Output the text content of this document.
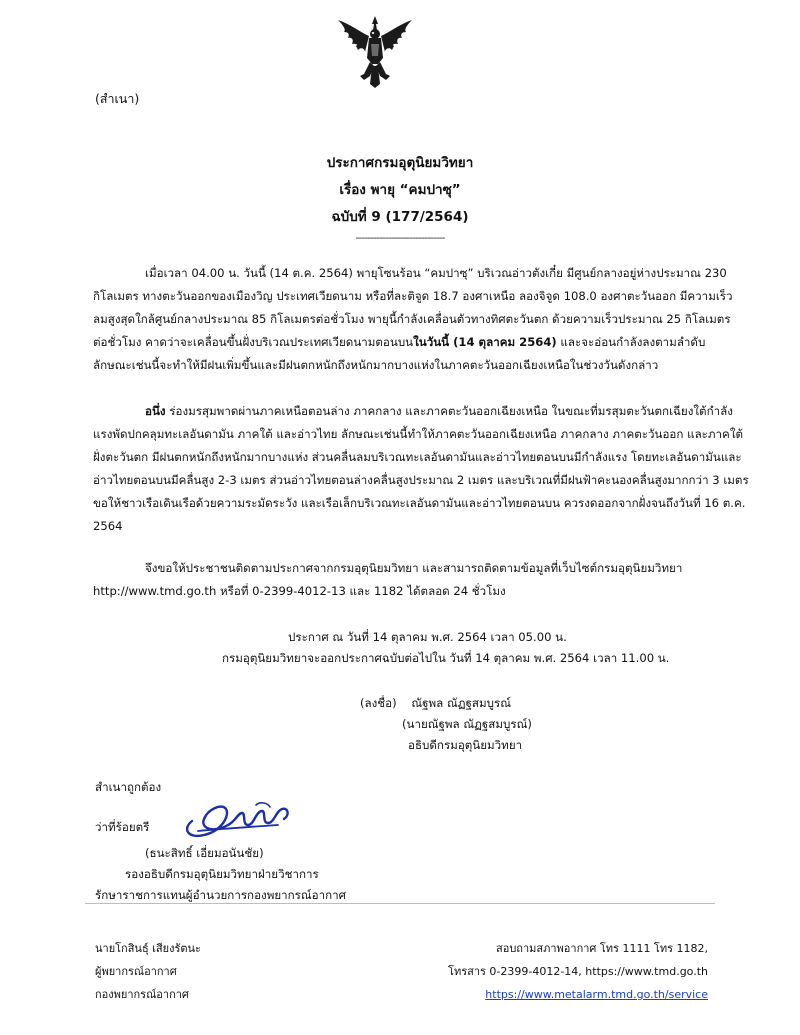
(สำเนา)
ประกาศกรมอุตุนิยมวิทยา
เรื่อง พายุ “คมปาซุ”
ฉบับที่ 9 (177/2564)
------------------------------
เมื่อเวลา 04.00 น. วันนี้ (14 ต.ค. 2564) พายุโซนร้อน “คมปาซุ” บริเวณอ่าวตังเกี๋ย มีศูนย์กลางอยู่ห่างประมาณ 230
กิโลเมตร ทางตะวันออกของเมืองวิญ ประเทศเวียดนาม หรือที่ละติจูด 18.7 องศาเหนือ ลองจิจูด 108.0 องศาตะวันออก มีความเร็ว
ลมสูงสุดใกล้ศูนย์กลางประมาณ 85 กิโลเมตรต่อชั่วโมง พายุนี้กำลังเคลื่อนตัวทางทิศตะวันตก ด้วยความเร็วประมาณ 25 กิโลเมตร
ต่อชั่วโมง คาดว่าจะเคลื่อนขึ้นฝั่งบริเวณประเทศเวียดนามตอนบนในวันนี้ (14 ตุลาคม 2564) และจะอ่อนกำลังลงตามลำดับ
ลักษณะเช่นนี้จะทำให้มีฝนเพิ่มขึ้นและมีฝนตกหนักถึงหนักมากบางแห่งในภาคตะวันออกเฉียงเหนือในช่วงวันดังกล่าว
อนึ่ง ร่องมรสุมพาดผ่านภาคเหนือตอนล่าง ภาคกลาง และภาคตะวันออกเฉียงเหนือ ในขณะที่มรสุมตะวันตกเฉียงใต้กำลัง
แรงพัดปกคลุมทะเลอันดามัน ภาคใต้ และอ่าวไทย ลักษณะเช่นนี้ทำให้ภาคตะวันออกเฉียงเหนือ ภาคกลาง ภาคตะวันออก และภาคใต้
ฝั่งตะวันตก มีฝนตกหนักถึงหนักมากบางแห่ง ส่วนคลื่นลมบริเวณทะเลอันดามันและอ่าวไทยตอนบนมีกำลังแรง โดยทะเลอันดามันและ
อ่าวไทยตอนบนมีคลื่นสูง 2-3 เมตร ส่วนอ่าวไทยตอนล่างคลื่นสูงประมาณ 2 เมตร และบริเวณที่มีฝนฟ้าคะนองคลื่นสูงมากกว่า 3 เมตร
ขอให้ชาวเรือเดินเรือด้วยความระมัดระวัง และเรือเล็กบริเวณทะเลอันดามันและอ่าวไทยตอนบน ควรงดออกจากฝั่งจนถึงวันที่ 16 ต.ค.
2564
จึงขอให้ประชาชนติดตามประกาศจากกรมอุตุนิยมวิทยา และสามารถติดตามข้อมูลที่เว็บไซต์กรมอุตุนิยมวิทยา
http://www.tmd.go.th หรือที่ 0-2399-4012-13 และ 1182 ได้ตลอด 24 ชั่วโมง
ประกาศ ณ วันที่ 14 ตุลาคม พ.ศ. 2564 เวลา 05.00 น.
กรมอุตุนิยมวิทยาจะออกประกาศฉบับต่อไปใน วันที่ 14 ตุลาคม พ.ศ. 2564 เวลา 11.00 น.
(ลงชื่อ)    ณัฐพล ณัฏฐสมบูรณ์
(นายณัฐพล ณัฏฐสมบูรณ์)
อธิบดีกรมอุตุนิยมวิทยา
สำเนาถูกต้อง
ว่าที่ร้อยตรี
(ธนะสิทธิ์ เอี่ยมอนันชัย)
รองอธิบดีกรมอุตุนิยมวิทยาฝ่ายวิชาการ
รักษาราชการแทนผู้อำนวยการกองพยากรณ์อากาศ
นายโกสินธุ์ เสียงรัตนะ
ผู้พยากรณ์อากาศ
กองพยากรณ์อากาศ
สอบถามสภาพอากาศ โทร 1111 โทร 1182,
โทรสาร 0-2399-4012-14, https://www.tmd.go.th
https://www.metalarm.tmd.go.th/service
